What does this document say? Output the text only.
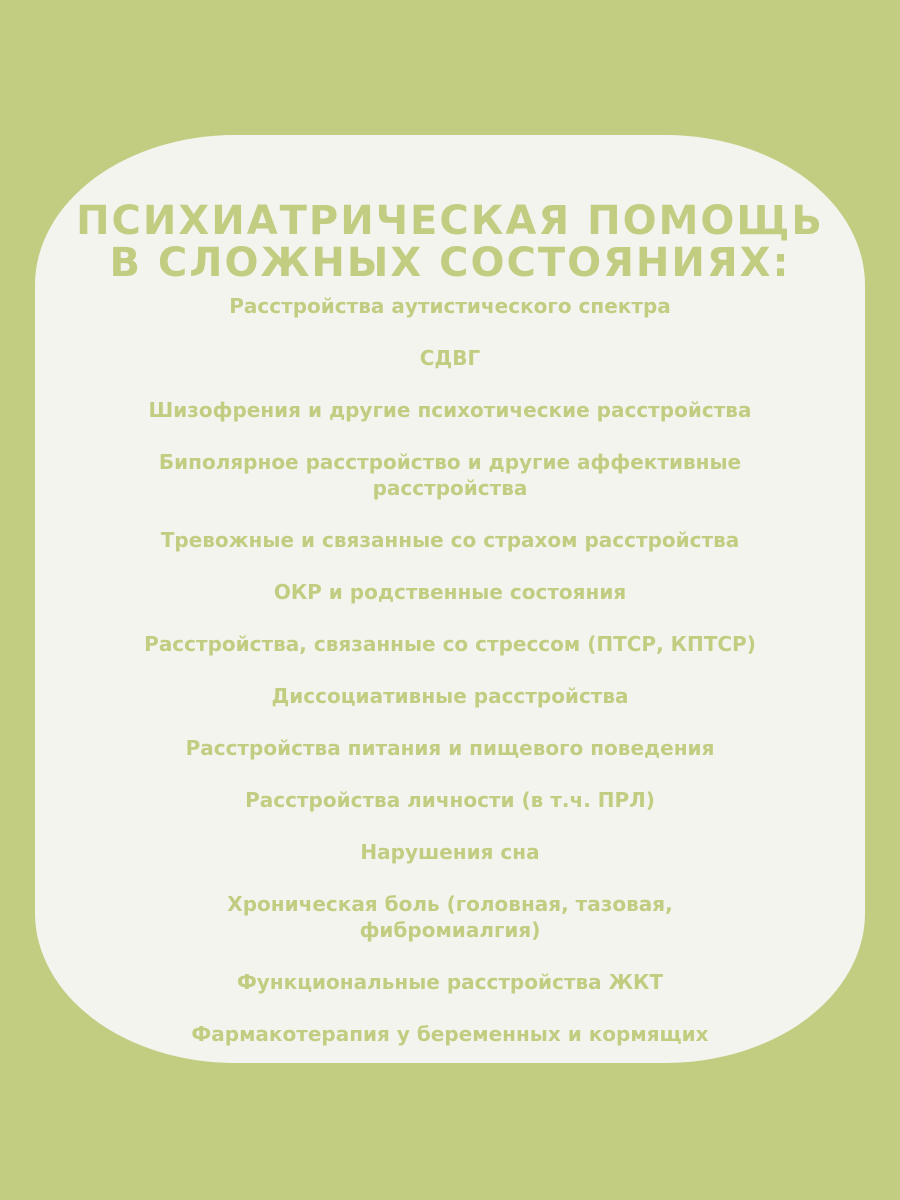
ПСИХИАТРИЧЕСКАЯ ПОМОЩЬ
В СЛОЖНЫХ СОСТОЯНИЯХ:
Расстройства аутистического спектра
СДВГ
Шизофрения и другие психотические расстройства
Биполярное расстройство и другие аффективные расстройства
Тревожные и связанные со страхом расстройства
ОКР и родственные состояния
Расстройства, связанные со стрессом (ПТСР, КПТСР)
Диссоциативные расстройства
Расстройства питания и пищевого поведения
Расстройства личности (в т.ч. ПРЛ)
Нарушения сна
Хроническая боль (головная, тазовая, фибромиалгия)
Функциональные расстройства ЖКТ
Фармакотерапия у беременных и кормящих
